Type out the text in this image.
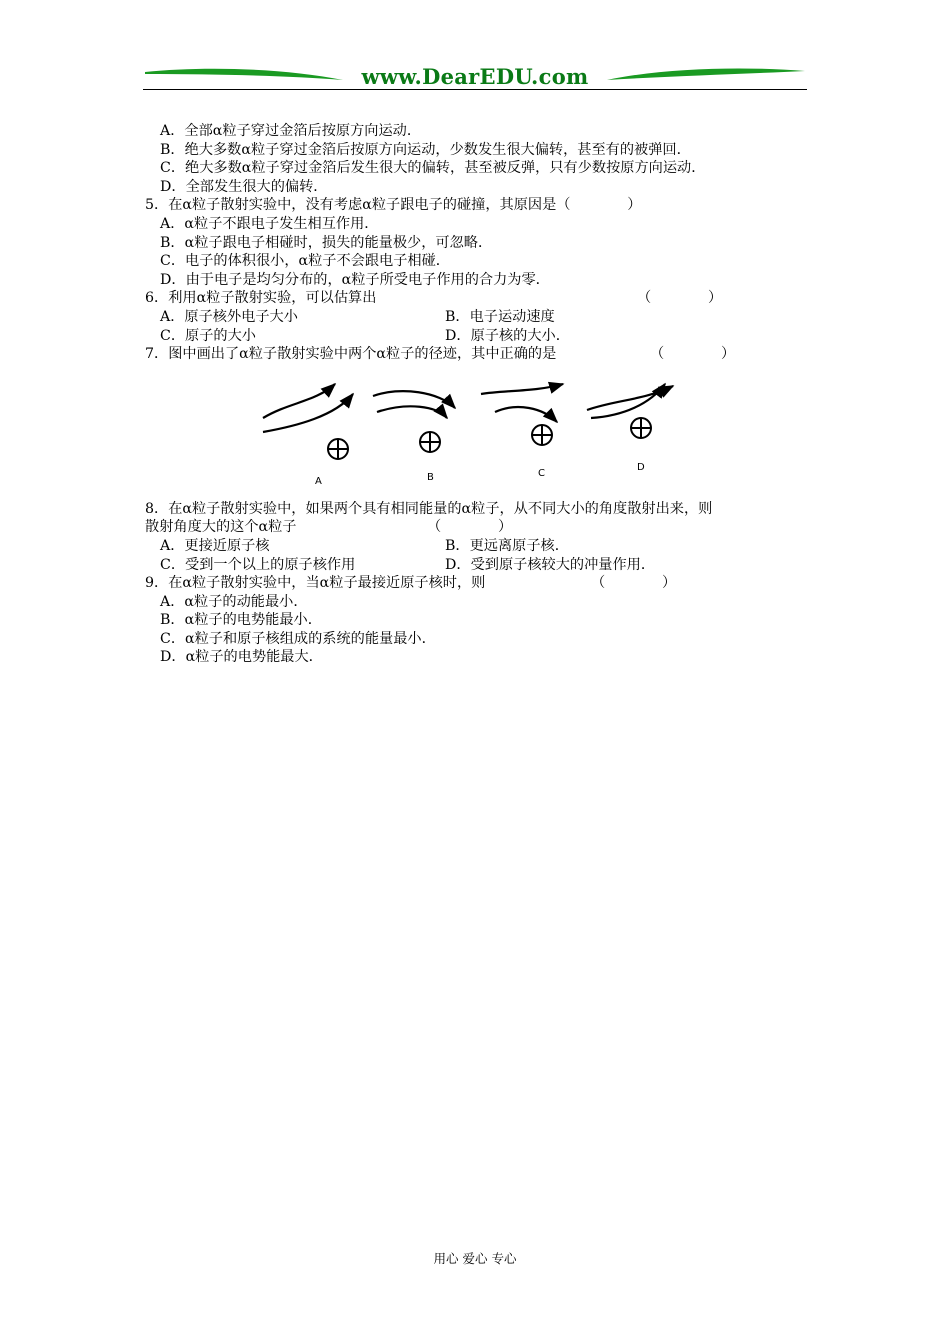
www.DearEDU.com
A．全部α粒子穿过金箔后按原方向运动．
B．绝大多数α粒子穿过金箔后按原方向运动，少数发生很大偏转，甚至有的被弹回．
C．绝大多数α粒子穿过金箔后发生很大的偏转，甚至被反弹，只有少数按原方向运动．
D．全部发生很大的偏转．
5．在α粒子散射实验中，没有考虑α粒子跟电子的碰撞，其原因是（　　　　）
A．α粒子不跟电子发生相互作用．
B．α粒子跟电子相碰时，损失的能量极少，可忽略．
C．电子的体积很小，α粒子不会跟电子相碰．
D．由于电子是均匀分布的，α粒子所受电子作用的合力为零．
6．利用α粒子散射实验，可以估算出	（　　　　）
A．原子核外电子大小	B．电子运动速度
C．原子的大小	D．原子核的大小．
7．图中画出了α粒子散射实验中两个α粒子的径迹，其中正确的是	（　　　　）
A	B	C
D
8．在α粒子散射实验中，如果两个具有相同能量的α粒子，从不同大小的角度散射出来，则
散射角度大的这个α粒子	（　　　　）
A．更接近原子核	B．更远离原子核．
C．受到一个以上的原子核作用	D．受到原子核较大的冲量作用．
9．在α粒子散射实验中，当α粒子最接近原子核时，则	（　　　　）
A．α粒子的动能最小．
B．α粒子的电势能最小．
C．α粒子和原子核组成的系统的能量最小．
D．α粒子的电势能最大．
用心 爱心 专心
